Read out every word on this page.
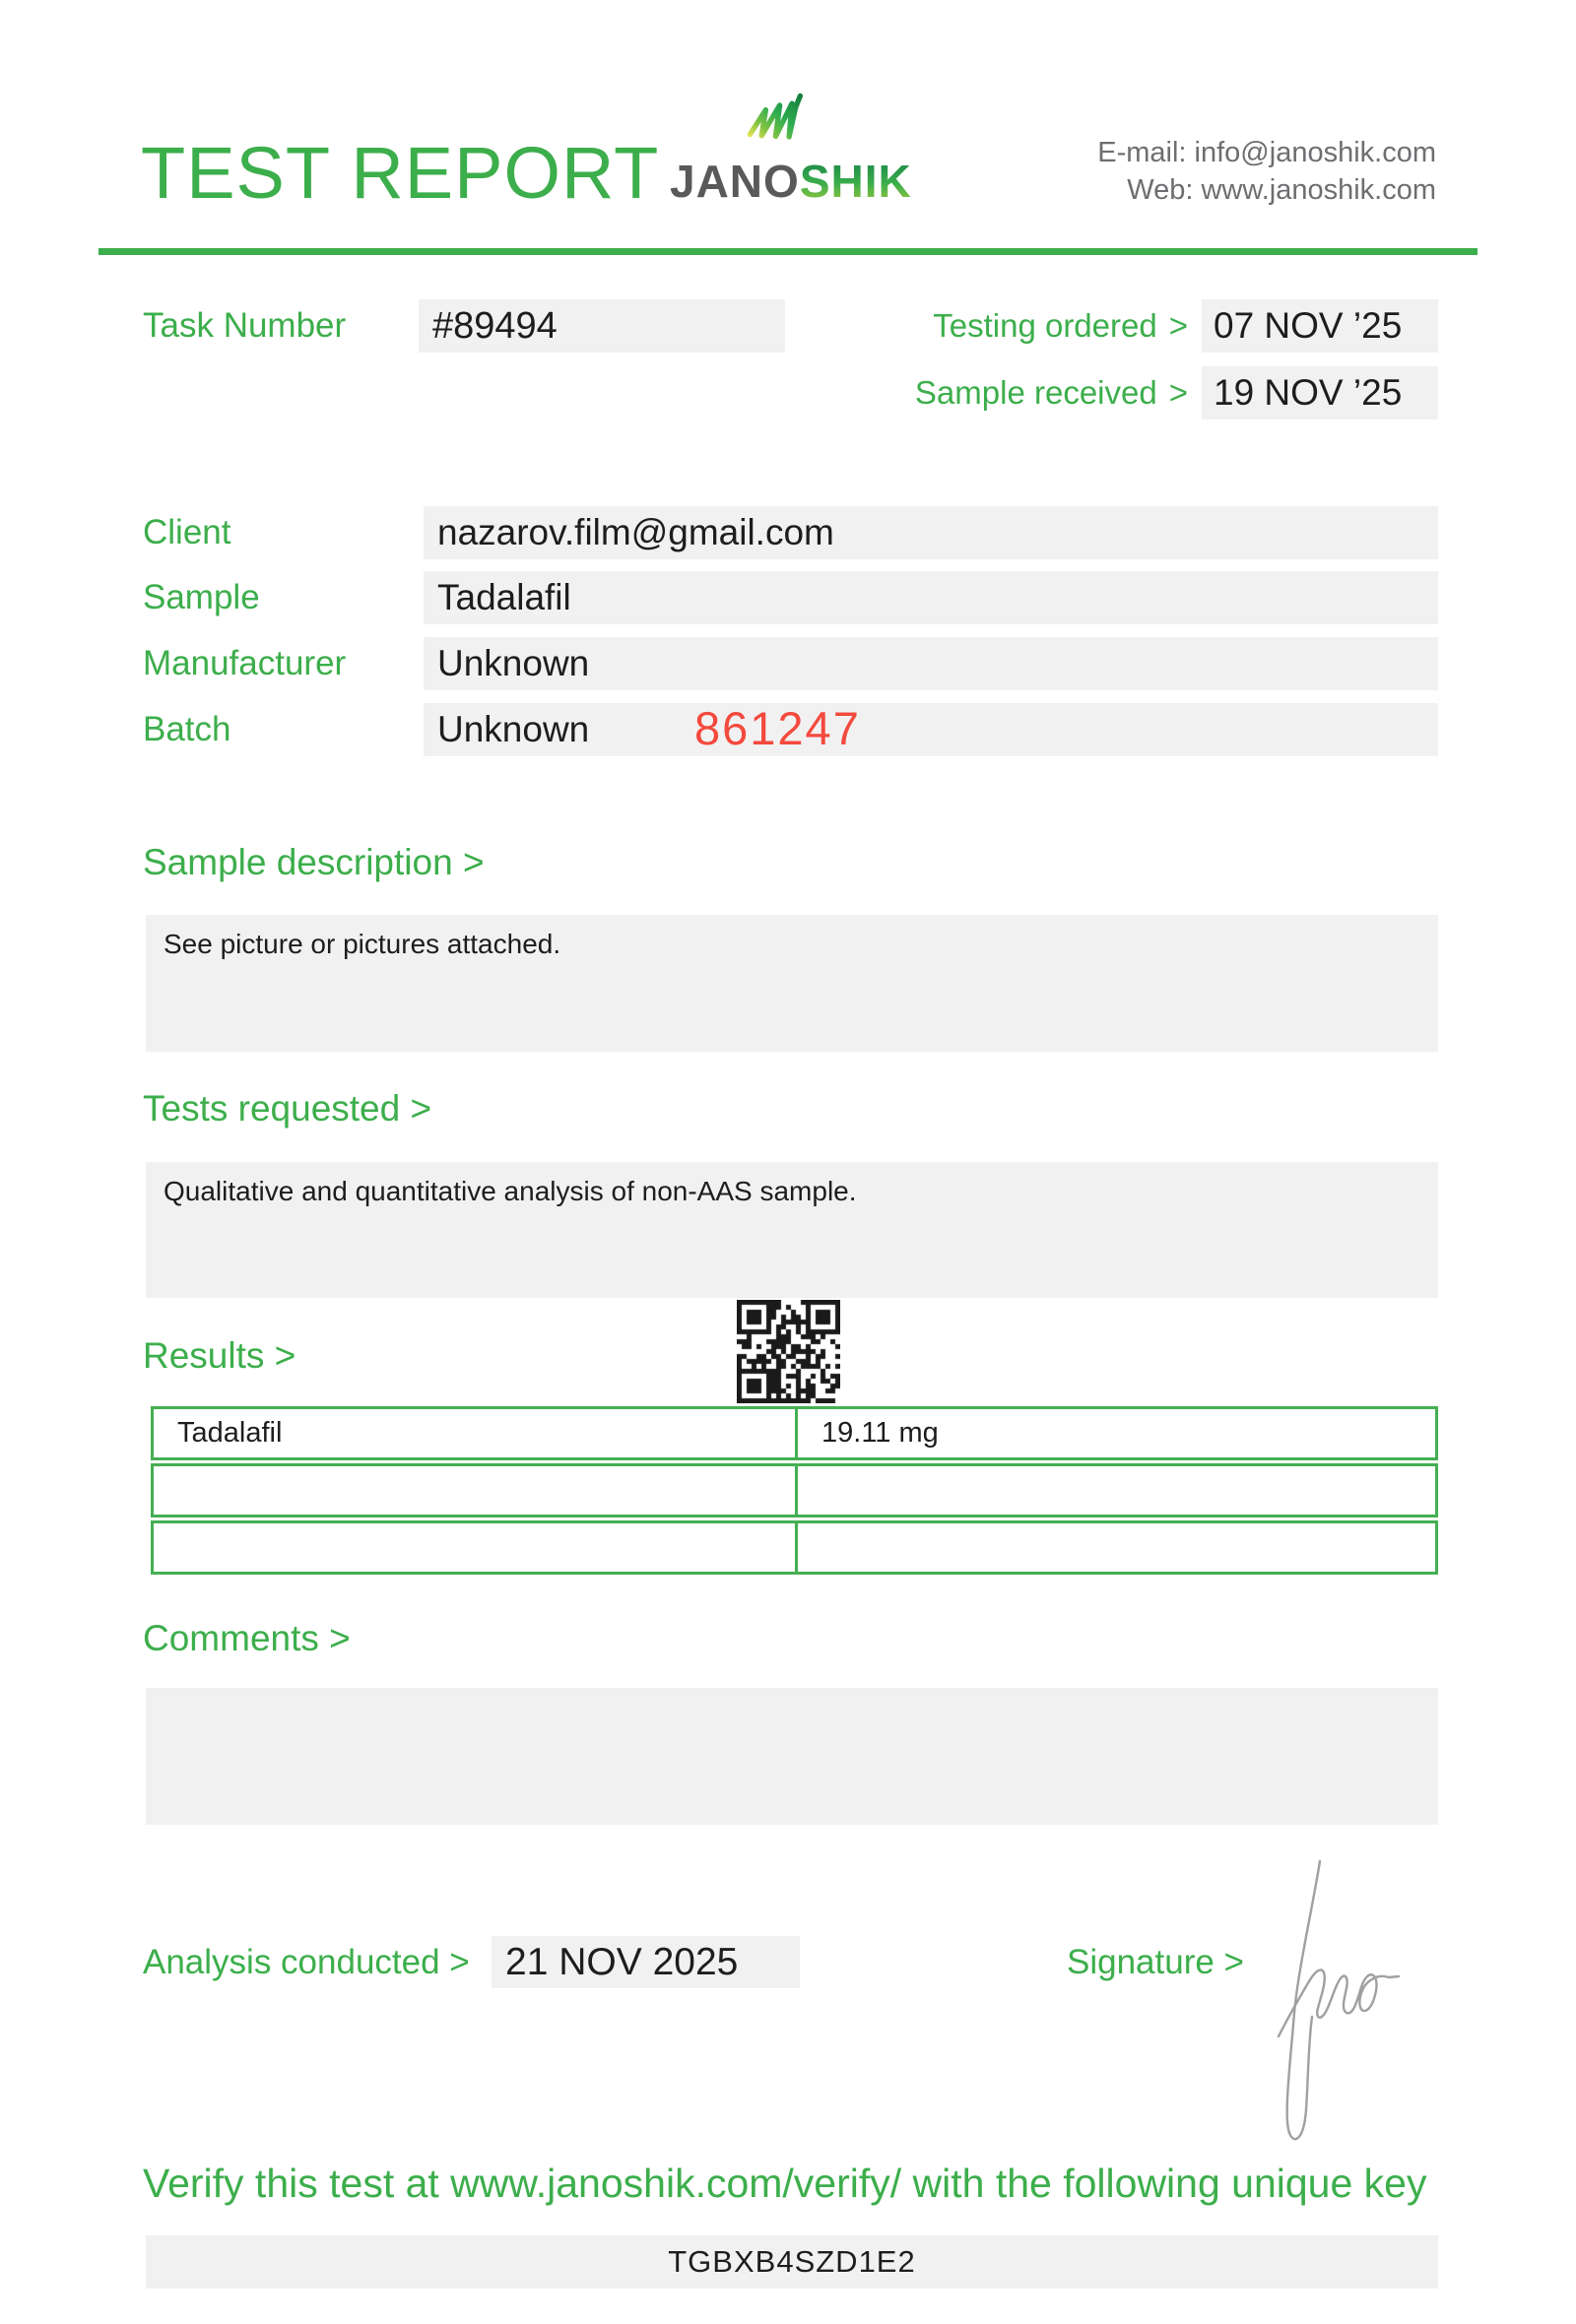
TEST REPORT JANOSHIK
E-mail: info@janoshik.com
Web: www.janoshik.com
Task Number	#89494	Testing ordered > 07 NOV ’25
Sample received > 19 NOV ’25
Client	nazarov.film@gmail.com
Sample	Tadalafil
Manufacturer	Unknown
Batch	Unknown	861247
Sample description >
See picture or pictures attached.
Tests requested >
Qualitative and quantitative analysis of non-AAS sample.
Results >
Tadalafil	19.11 mg
Comments >
Analysis conducted > 21 NOV 2025	Signature >
Verify this test at www.janoshik.com/verify/ with the following unique key
TGBXB4SZD1E2
